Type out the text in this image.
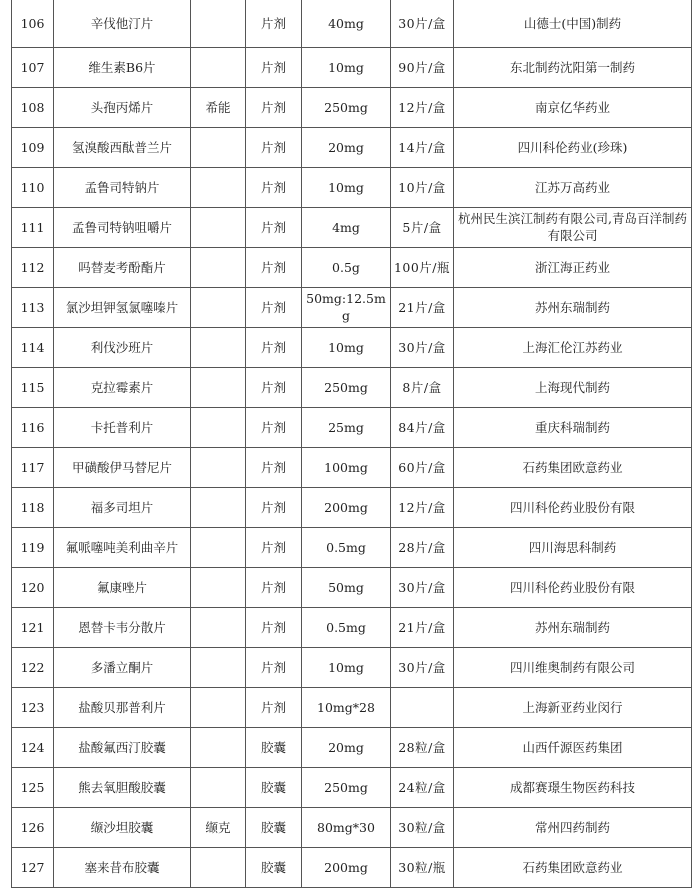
106	辛伐他汀片		片剂	40mg	30片/盒	山德士(中国)制药
107	维生素B6片		片剂	10mg	90片/盒	东北制药沈阳第一制药
108	头孢丙烯片	希能	片剂	250mg	12片/盒	南京亿华药业
109	氢溴酸西酞普兰片		片剂	20mg	14片/盒	四川科伦药业(珍珠)
110	孟鲁司特钠片		片剂	10mg	10片/盒	江苏万高药业
111	孟鲁司特钠咀嚼片		片剂	4mg	5片/盒	杭州民生滨江制药有限公司,青岛百洋制药有限公司
112	吗替麦考酚酯片		片剂	0.5g	100片/瓶	浙江海正药业
113	氯沙坦钾氢氯噻嗪片		片剂	50mg:12.5mg	21片/盒	苏州东瑞制药
114	利伐沙班片		片剂	10mg	30片/盒	上海汇伦江苏药业
115	克拉霉素片		片剂	250mg	8片/盒	上海现代制药
116	卡托普利片		片剂	25mg	84片/盒	重庆科瑞制药
117	甲磺酸伊马替尼片		片剂	100mg	60片/盒	石药集团欧意药业
118	福多司坦片		片剂	200mg	12片/盒	四川科伦药业股份有限
119	氟哌噻吨美利曲辛片		片剂	0.5mg	28片/盒	四川海思科制药
120	氟康唑片		片剂	50mg	30片/盒	四川科伦药业股份有限
121	恩替卡韦分散片		片剂	0.5mg	21片/盒	苏州东瑞制药
122	多潘立酮片		片剂	10mg	30片/盒	四川维奥制药有限公司
123	盐酸贝那普利片		片剂	10mg*28		上海新亚药业闵行
124	盐酸氟西汀胶囊		胶囊	20mg	28粒/盒	山西仟源医药集团
125	熊去氧胆酸胶囊		胶囊	250mg	24粒/盒	成都赛璟生物医药科技
126	缬沙坦胶囊	缬克	胶囊	80mg*30	30粒/盒	常州四药制药
127	塞来昔布胶囊		胶囊	200mg	30粒/瓶	石药集团欧意药业
